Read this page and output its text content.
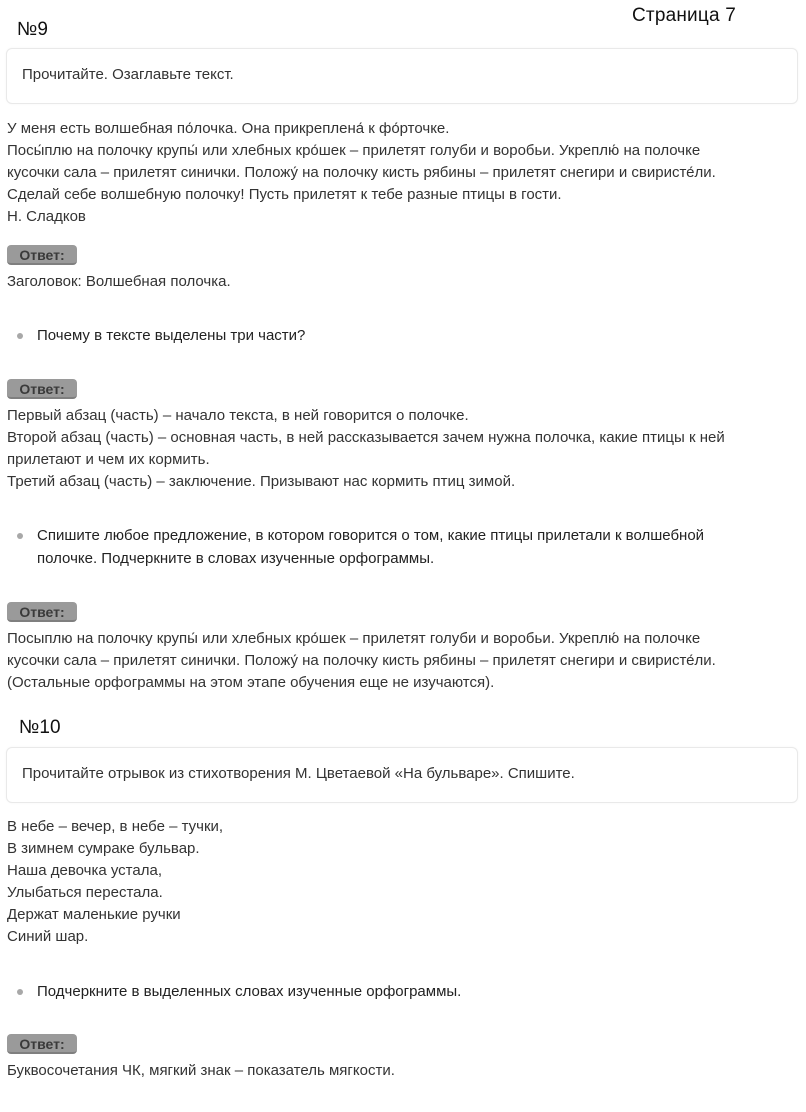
Страница 7
№9
Прочитайте. Озаглавьте текст.
У меня есть волшебная по́лочка. Она прикреплена́ к фо́рточке.
Посы́плю на полочку крупы́ или хлебных кро́шек – прилетят голуби и воробьи. Укреплю́ на полочке
кусочки сала – прилетят синички. Положу́ на полочку кисть рябины – прилетят снегири и свиристе́ли.
Сделай себе волшебную полочку! Пусть прилетят к тебе разные птицы в гости.
Н. Сладков
Ответ:
Заголовок: Волшебная полочка.
Почему в тексте выделены три части?
Ответ:
Первый абзац (часть) – начало текста, в ней говорится о полочке.
Второй абзац (часть) – основная часть, в ней рассказывается зачем нужна полочка, какие птицы к ней
прилетают и чем их кормить.
Третий абзац (часть) – заключение. Призывают нас кормить птиц зимой.
Спишите любое предложение, в котором говорится о том, какие птицы прилетали к волшебной
полочке. Подчеркните в словах изученные орфограммы.
Ответ:
Посыплю на полочку крупы́ или хлебных кро́шек – прилетят голуби и воробьи. Укреплю́ на полочке
кусочки сала – прилетят синички. Положу́ на полочку кисть рябины – прилетят снегири и свиристе́ли.
(Остальные орфограммы на этом этапе обучения еще не изучаются).
№10
Прочитайте отрывок из стихотворения М. Цветаевой «На бульваре». Спишите.
В небе – вечер, в небе – тучки,
В зимнем сумраке бульвар.
Наша девочка устала,
Улыбаться перестала.
Держат маленькие ручки
Синий шар.
Подчеркните в выделенных словах изученные орфограммы.
Ответ:
Буквосочетания ЧК, мягкий знак – показатель мягкости.
